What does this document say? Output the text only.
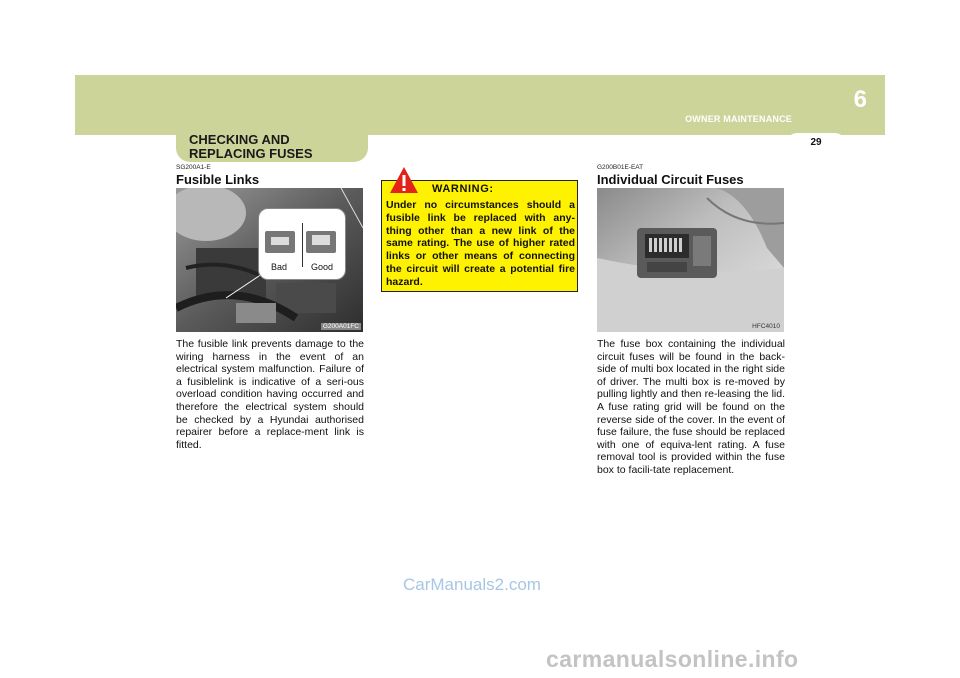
6
OWNER MAINTENANCE
29
CHECKING AND REPLACING FUSES
SG200A1-E
Fusible Links
Bad	Good
G200A01FC
The fusible link prevents damage to the wiring harness in the event of an electrical system malfunction. Failure of a fusiblelink is indicative of a seri-ous overload condition having occurred and therefore the electrical system should be checked by a Hyundai authorised repairer before a replace-ment link is fitted.
WARNING:
Under no circumstances should a fusible link be replaced with any-thing other than a new link of the same rating. The use of higher rated links or other means of connecting the circuit will create a potential fire hazard.
G200B01E-EAT
Individual Circuit Fuses
HFC4010
The fuse box containing the individual circuit fuses will be found in the back-side of multi box located in the right side of driver. The multi box is re-moved by pulling lightly and then re-leasing the lid. A fuse rating grid will be found on the reverse side of the cover. In the event of fuse failure, the fuse should be replaced with one of equiva-lent rating. A fuse removal tool is provided within the fuse box to facili-tate replacement.
CarManuals2.com
carmanualsonline.info
